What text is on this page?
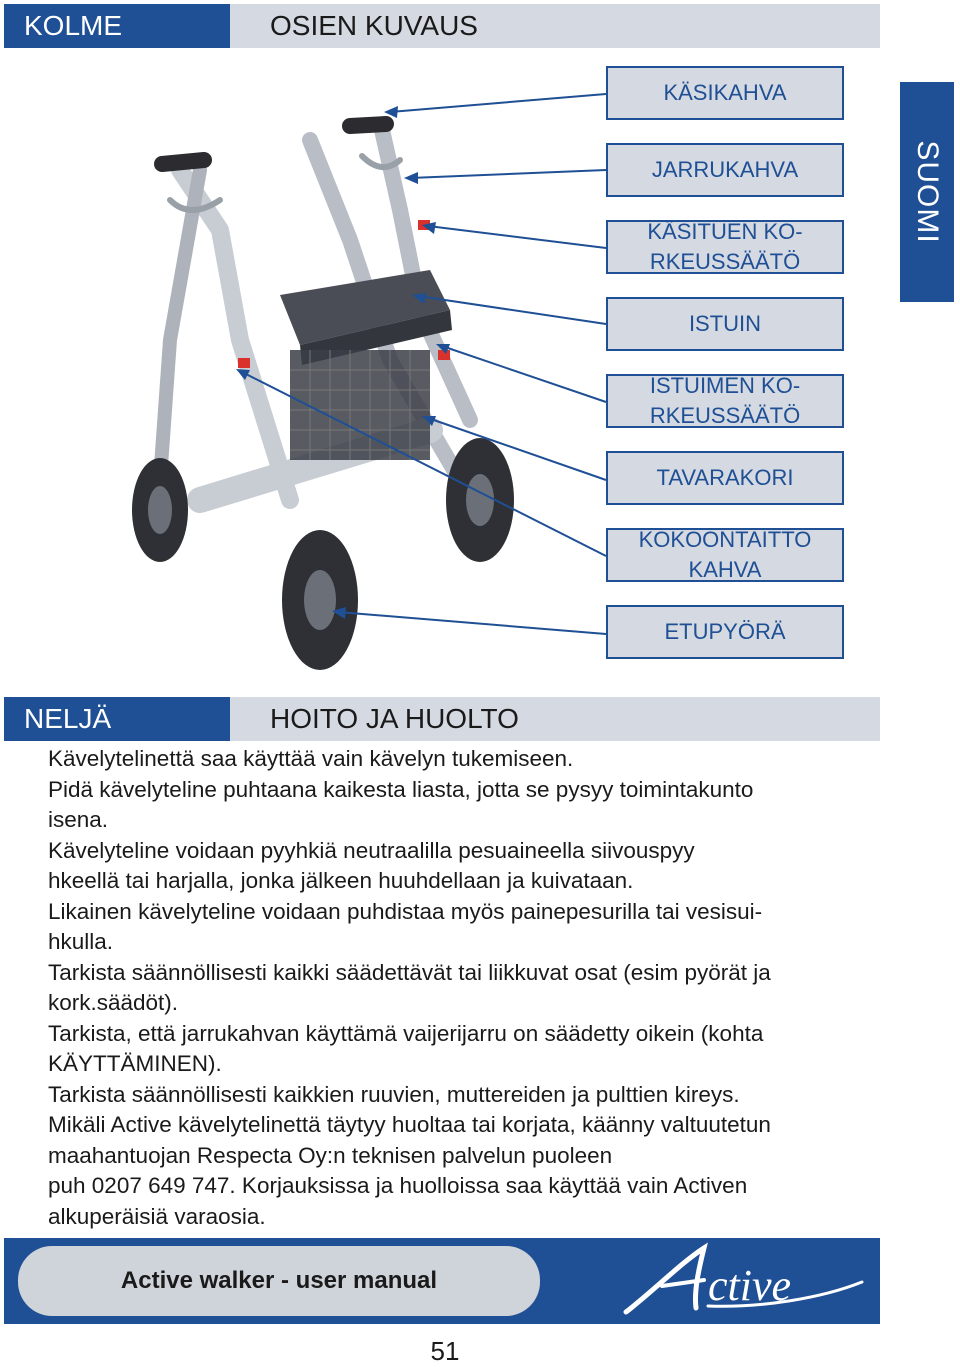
KOLME	OSIEN KUVAUS
SUOMI
KÄSIKAHVA
JARRUKAHVA
KÄSITUEN KO-
RKEUSSÄÄTÖ
ISTUIN
ISTUIMEN KO-
RKEUSSÄÄTÖ
TAVARAKORI
KOKOONTAITTO
KAHVA
ETUPYÖRÄ
NELJÄ	HOITO JA HUOLTO

Kävelytelinettä saa käyttää vain kävelyn tukemiseen.

Pidä kävelyteline puhtaana kaikesta liasta, jotta se pysyy toimintakunto

isena.

Kävelyteline voidaan pyyhkiä neutraalilla pesuaineella siivouspyy

hkeellä tai harjalla, jonka jälkeen huuhdellaan ja kuivataan.

Likainen kävelyteline voidaan puhdistaa myös painepesurilla tai vesisui-

hkulla.

Tarkista säännöllisesti kaikki säädettävät tai liikkuvat osat (esim pyörät ja

kork.säädöt).

Tarkista, että jarrukahvan käyttämä vaijerijarru on säädetty oikein (kohta

KÄYTTÄMINEN).

Tarkista säännöllisesti kaikkien ruuvien, muttereiden ja pulttien kireys.

Mikäli Active kävelytelinettä täytyy huoltaa tai korjata, käänny valtuutetun

maahantuojan Respecta Oy:n teknisen palvelun puoleen

puh 0207 649 747. Korjauksissa ja huolloissa saa käyttää vain Activen

alkuperäisiä varaosia.

Active walker - user manual	ctive
51
